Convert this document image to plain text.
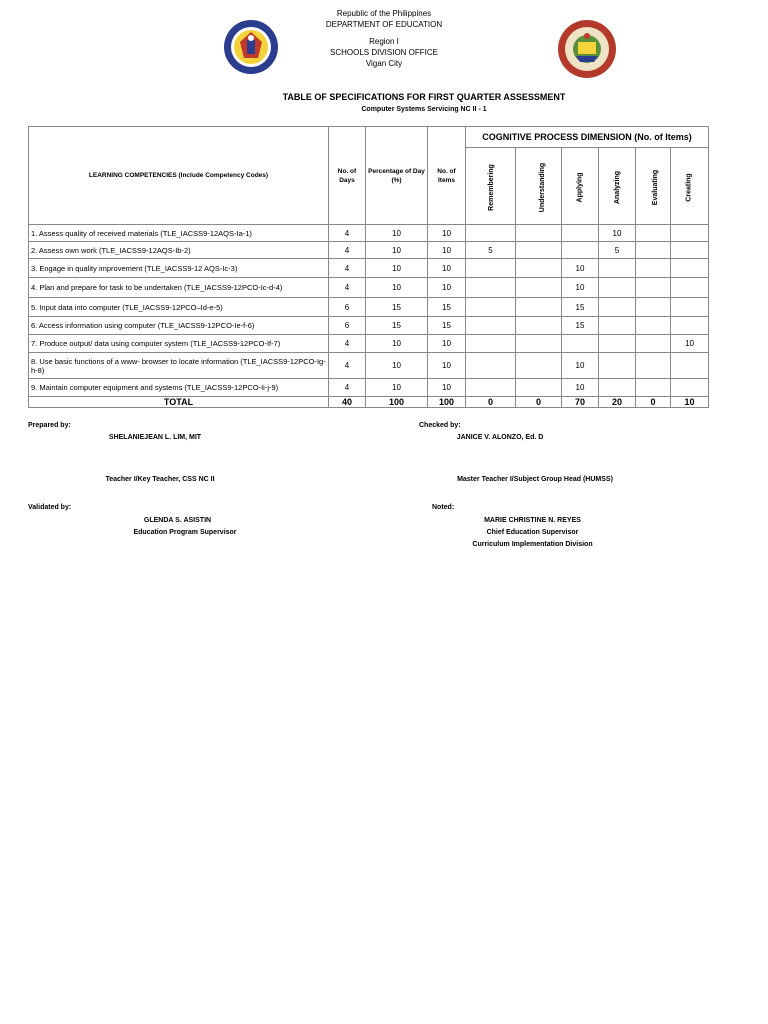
Republic of the Philippines
DEPARTMENT OF EDUCATION
Region I
SCHOOLS DIVISION OFFICE
Vigan City
TABLE OF SPECIFICATIONS FOR FIRST QUARTER ASSESSMENT
Computer Systems Servicing NC II - 1
LEARNING COMPETENCIES (Include Competency Codes)	No. of Days	Percentage of Day (%)	No. of Items	COGNITIVE PROCESS DIMENSION (No. of Items)					
				Remembering	Understanding	Applying	Analyzing	Evaluating	Creating
1. Assess quality of received materials (TLE_IACSS9-12AQS-Ia-1)	4	10	10				10		
2. Assess own work (TLE_IACSS9-12AQS-Ib-2)	4	10	10	5			5		
3. Engage in quality improvement (TLE_IACSS9-12 AQS-Ic-3)	4	10	10			10			
4. Plan and prepare for task to be undertaken (TLE_IACSS9-12PCO-Ic-d-4)	4	10	10			10			
5. Input data into computer (TLE_IACSS9-12PCO–Id-e-5)	6	15	15			15			
6. Access information using computer (TLE_IACSS9-12PCO-Ie-f-6)	6	15	15			15			
7. Produce output/ data using computer system (TLE_IACSS9-12PCO-If-7)	4	10	10						10
8. Use basic functions of a www- browser to locate information (TLE_IACSS9-12PCO-Ig-h-8)	4	10	10			10			
9. Maintain computer equipment and systems (TLE_IACSS9-12PCO-Ii-j-9)	4	10	10			10			
TOTAL	40	100	100	0	0	70	20	0	10
Prepared by:
SHELANIEJEAN L. LIM, MIT
Teacher I/Key Teacher, CSS NC II
Checked by:
JANICE V. ALONZO, Ed. D
Master Teacher I/Subject Group Head (HUMSS)
Validated by:
GLENDA S. ASISTIN
Education Program Supervisor
Noted:
MARIE CHRISTINE N. REYES
Chief Education Supervisor
Curriculum Implementation Division
